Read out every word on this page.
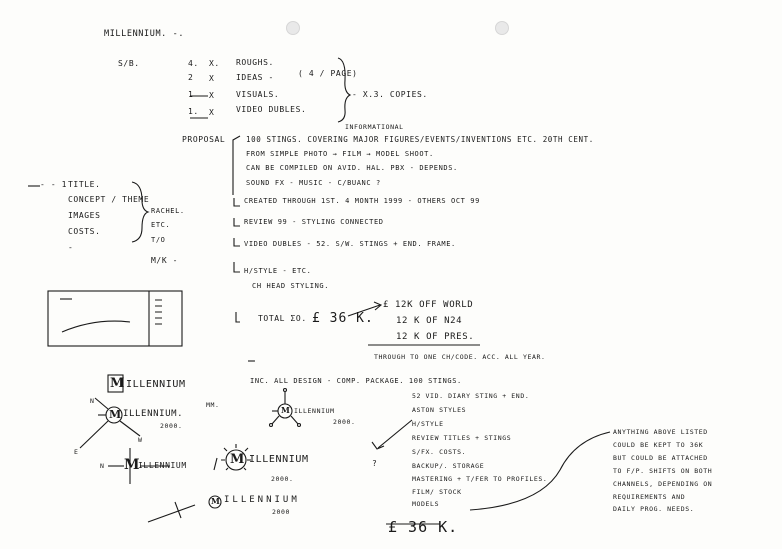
MILLENNIUM. -.
S/B.	4. X. ROUGHS.
2 X	IDEAS -	( 4 / PAGE)
1 X	VISUALS.
1. X	VIDEO DUBLES.
- X.3. COPIES.
INFORMATIONAL
PROPOSAL	100 STINGS. COVERING MAJOR FIGURES/EVENTS/INVENTIONS ETC. 20TH CENT.
FROM SIMPLE PHOTO → FILM → MODEL SHOOT.
CAN BE COMPILED ON AVID. HAL. PBX - DEPENDS.
SOUND FX - MUSIC - C/BUANC ?
CREATED THROUGH 1ST. 4 MONTH 1999 - OTHERS OCT 99
REVIEW 99 - STYLING CONNECTED
VIDEO DUBLES - 52. S/W. STINGS + END. FRAME.
H/STYLE - ETC.
CH HEAD STYLING.
- - 1 TITLE.
CONCEPT / THEME
IMAGES
COSTS.
-
RACHEL.
ETC.
T/O
M/K -
TOTAL ΣO. £ 36 K.
£ 12K OFF WORLD
12 K OF N24
12 K OF PRES.
THROUGH TO ONE CH/CODE. ACC. ALL YEAR.
INC. ALL DESIGN - COMP. PACKAGE. 100 STINGS.
52 VID. DIARY STING + END.
ASTON STYLES
H/STYLE
REVIEW TITLES + STINGS
S/FX. COSTS.
BACKUP/. STORAGE
MASTERING + T/FER TO PROFILES.
FILM/ STOCK
MODELS
£ 36 K.
?
ANYTHING ABOVE LISTED
COULD BE KEPT TO 36K
BUT COULD BE ATTACHED
TO F/P. SHIFTS ON BOTH
CHANNELS, DEPENDING ON
REQUIREMENTS AND
DAILY PROG. NEEDS.
M ILLENNIUM
M ILLENNIUM.
2000.
N
E
W
MM.	M ILLENNIUM
2000.
N M
ILLENNIUM	M ILLENNIUM
2000.
M ILLENNIUM
2000
